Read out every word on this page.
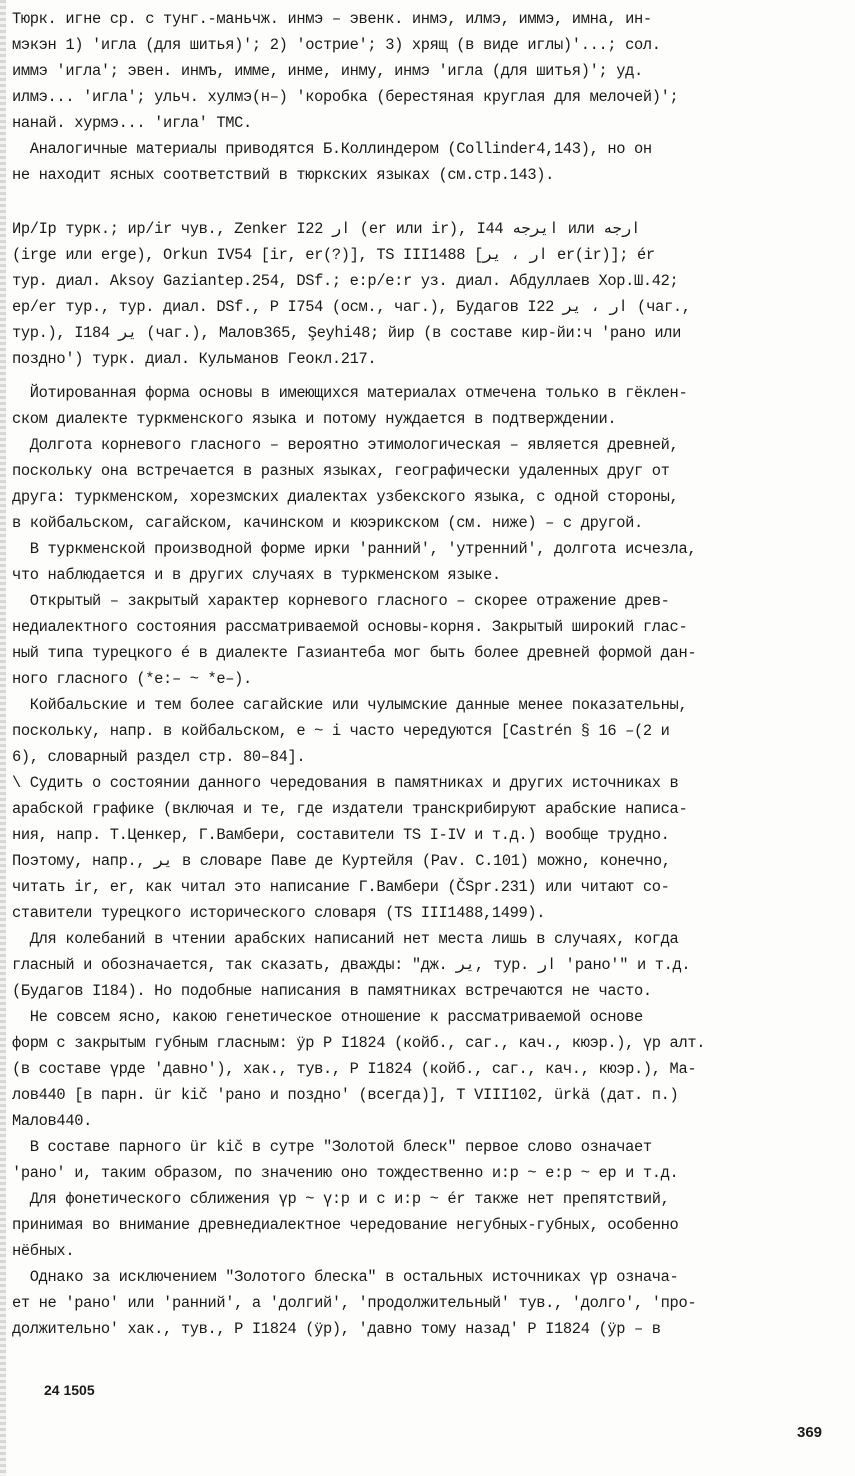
Тюрк. игне ср. с тунг.-маньчж. инмэ – эвенк. инмэ, илмэ, иммэ, имна, ин-
мэкэн 1) 'игла (для шитья)'; 2) 'острие'; 3) хрящ (в виде иглы)'...; сол.
иммэ 'игла'; эвен. инмъ, имме, инме, инму, инмэ 'игла (для шитья)'; уд.
илмэ... 'игла'; ульч. хулмэ(н–) 'коробка (берестяная круглая для мелочей)';
нанай. хурмэ... 'игла' ТМС.
Аналогичные материалы приводятся Б.Коллиндером (Collinder4,143), но он
не находит ясных соответствий в тюркских языках (см.стр.143).
Ир/Ір турк.; ир/ir чув., Zenker I22 ار (er или ir), I44 ايرجه или ارجه
(irge или erge), Orkun IV54 [ir, er(?)], TS III1488 [ار ، ير er(ir)]; ér
тур. диал. Aksoy Gaziantep.254, DSf.; е:р/е:r уз. диал. Абдуллаев Хор.Ш.42;
ер/er тур., тур. диал. DSf., P I754 (осм., чаг.), Будагов I22 ار ، ير (чаг.,
тур.), I184 ير (чаг.), Малов365, Şeyhi48; йир (в составе кир-йи:ч 'рано или
поздно') турк. диал. Кульманов Геокл.217.
Йотированная форма основы в имеющихся материалах отмечена только в гёклен-
ском диалекте туркменского языка и потому нуждается в подтверждении.
Долгота корневого гласного – вероятно этимологическая – является древней,
поскольку она встречается в разных языках, географически удаленных друг от
друга: туркменском, хорезмских диалектах узбекского языка, с одной стороны,
в койбальском, сагайском, качинском и кюэрикском (см. ниже) – с другой.
В туркменской производной форме ирки 'ранний', 'утренний', долгота исчезла,
что наблюдается и в других случаях в туркменском языке.
Открытый – закрытый характер корневого гласного – скорее отражение древ-
недиалектного состояния рассматриваемой основы-корня. Закрытый широкий глас-
ный типа турецкого é в диалекте Газиантеба мог быть более древней формой дан-
ного гласного (*е:– ~ *е–).
Койбальские и тем более сагайские или чулымские данные менее показательны,
поскольку, напр. в койбальском, е ~ і часто чередуются [Castrén § 16 –(2 и
6), словарный раздел стр. 80–84].
\ Судить о состоянии данного чередования в памятниках и других источниках в
арабской графике (включая и те, где издатели транскрибируют арабские написа-
ния, напр. Т.Ценкер, Г.Вамбери, составители TS I-IV и т.д.) вообще трудно.
Поэтому, напр., ير в словаре Паве де Куртейля (Pav. C.101) можно, конечно,
читать ir, er, как читал это написание Г.Вамбери (ČSpr.231) или читают со-
ставители турецкого исторического словаря (TS III1488,1499).
Для колебаний в чтении арабских написаний нет места лишь в случаях, когда
гласный и обозначается, так сказать, дважды: "дж. ير, тур. ار 'рано'" и т.д.
(Будагов I184). Но подобные написания в памятниках встречаются не часто.
Не совсем ясно, какою генетическое отношение к рассматриваемой основе
форм с закрытым губным гласным: ӱр P I1824 (койб., саг., кач., кюэр.), үр алт.
(в составе үрде 'давно'), хак., тув., P I1824 (койб., саг., кач., кюэр.), Ма-
лов440 [в парн. ür kič 'рано и поздно' (всегда)], T VIII102, ürkä (дат. п.)
Малов440.
В составе парного ür kič в сутре "Золотой блеск" первое слово означает
'рано' и, таким образом, по значению оно тождественно и:р ~ е:р ~ ер и т.д.
Для фонетического сближения үр ~ ү:р и с и:р ~ ér также нет препятствий,
принимая во внимание древнедиалектное чередование негубных-губных, особенно
нёбных.
Однако за исключением "Золотого блеска" в остальных источниках үр означа-
ет не 'рано' или 'ранний', а 'долгий', 'продолжительный' тув., 'долго', 'про-
должительно' хак., тув., P I1824 (ӱр), 'давно тому назад' P I1824 (ӱр – в
24 1505
369
